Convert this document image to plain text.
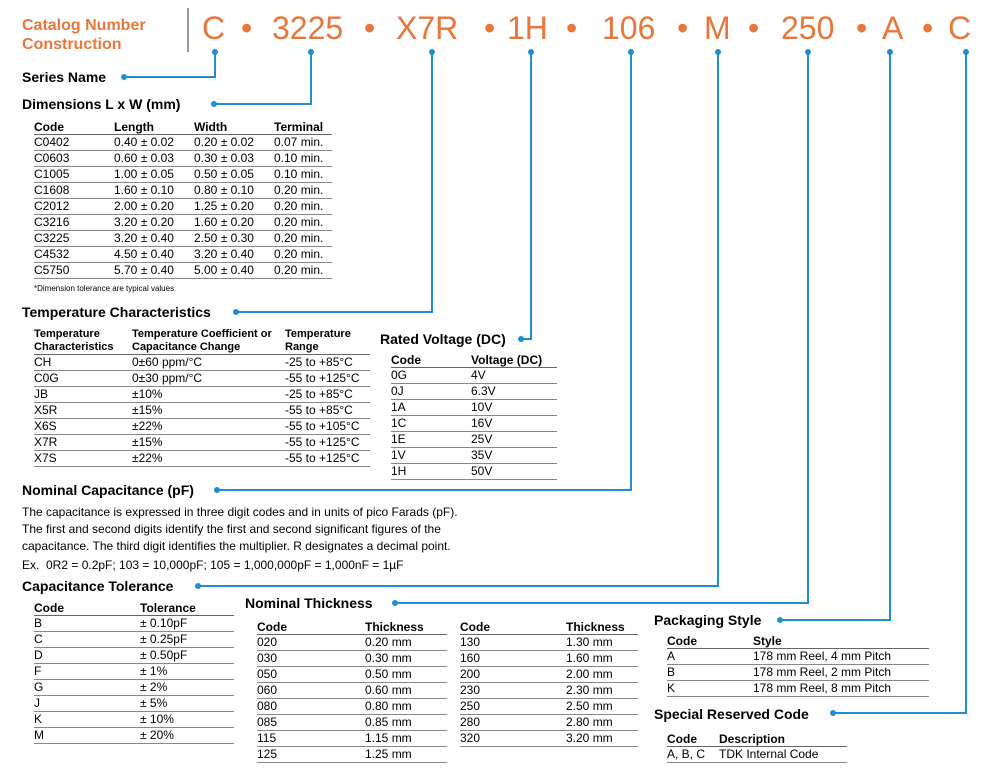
Catalog Number
Construction	C • 3225 • X7R • 1H • 106 • M • 250 • A • C
Series Name
Dimensions L x W (mm)
Code	Length	Width	Terminal
C0402	0.40 ± 0.02	0.20 ± 0.02	0.07 min.
C0603	0.60 ± 0.03	0.30 ± 0.03	0.10 min.
C1005	1.00 ± 0.05	0.50 ± 0.05	0.10 min.
C1608	1.60 ± 0.10	0.80 ± 0.10	0.20 min.
C2012	2.00 ± 0.20	1.25 ± 0.20	0.20 min.
C3216	3.20 ± 0.20	1.60 ± 0.20	0.20 min.
C3225	3.20 ± 0.40	2.50 ± 0.30	0.20 min.
C4532	4.50 ± 0.40	3.20 ± 0.40	0.20 min.
C5750	5.70 ± 0.40	5.00 ± 0.40	0.20 min.
*Dimension tolerance are typical values
Temperature Characteristics
Temperature Characteristics	Temperature Coefficient or Capacitance Change	Temperature Range
CH	0±60 ppm/°C	-25 to +85°C
C0G	0±30 ppm/°C	-55 to +125°C
JB	±10%	-25 to +85°C
X5R	±15%	-55 to +85°C
X6S	±22%	-55 to +105°C
X7R	±15%	-55 to +125°C
X7S	±22%	-55 to +125°C
Rated Voltage (DC)
Code	Voltage (DC)
0G	4V
0J	6.3V
1A	10V
1C	16V
1E	25V
1V	35V
1H	50V
Nominal Capacitance (pF)
The capacitance is expressed in three digit codes and in units of pico Farads (pF).
The first and second digits identify the first and second significant figures of the
capacitance. The third digit identifies the multiplier. R designates a decimal point.
Ex.  0R2 = 0.2pF; 103 = 10,000pF; 105 = 1,000,000pF = 1,000nF = 1µF
Capacitance Tolerance
Code	Tolerance
B	± 0.10pF
C	± 0.25pF
D	± 0.50pF
F	± 1%
G	± 2%
J	± 5%
K	± 10%
M	± 20%
Nominal Thickness
Code	Thickness
020	0.20 mm
030	0.30 mm
050	0.50 mm
060	0.60 mm
080	0.80 mm
085	0.85 mm
115	1.15 mm
125	1.25 mm
Code	Thickness
130	1.30 mm
160	1.60 mm
200	2.00 mm
230	2.30 mm
250	2.50 mm
280	2.80 mm
320	3.20 mm
Packaging Style
Code	Style
A	178 mm Reel, 4 mm Pitch
B	178 mm Reel, 2 mm Pitch
K	178 mm Reel, 8 mm Pitch
Special Reserved Code
Code	Description
A, B, C	TDK Internal Code
